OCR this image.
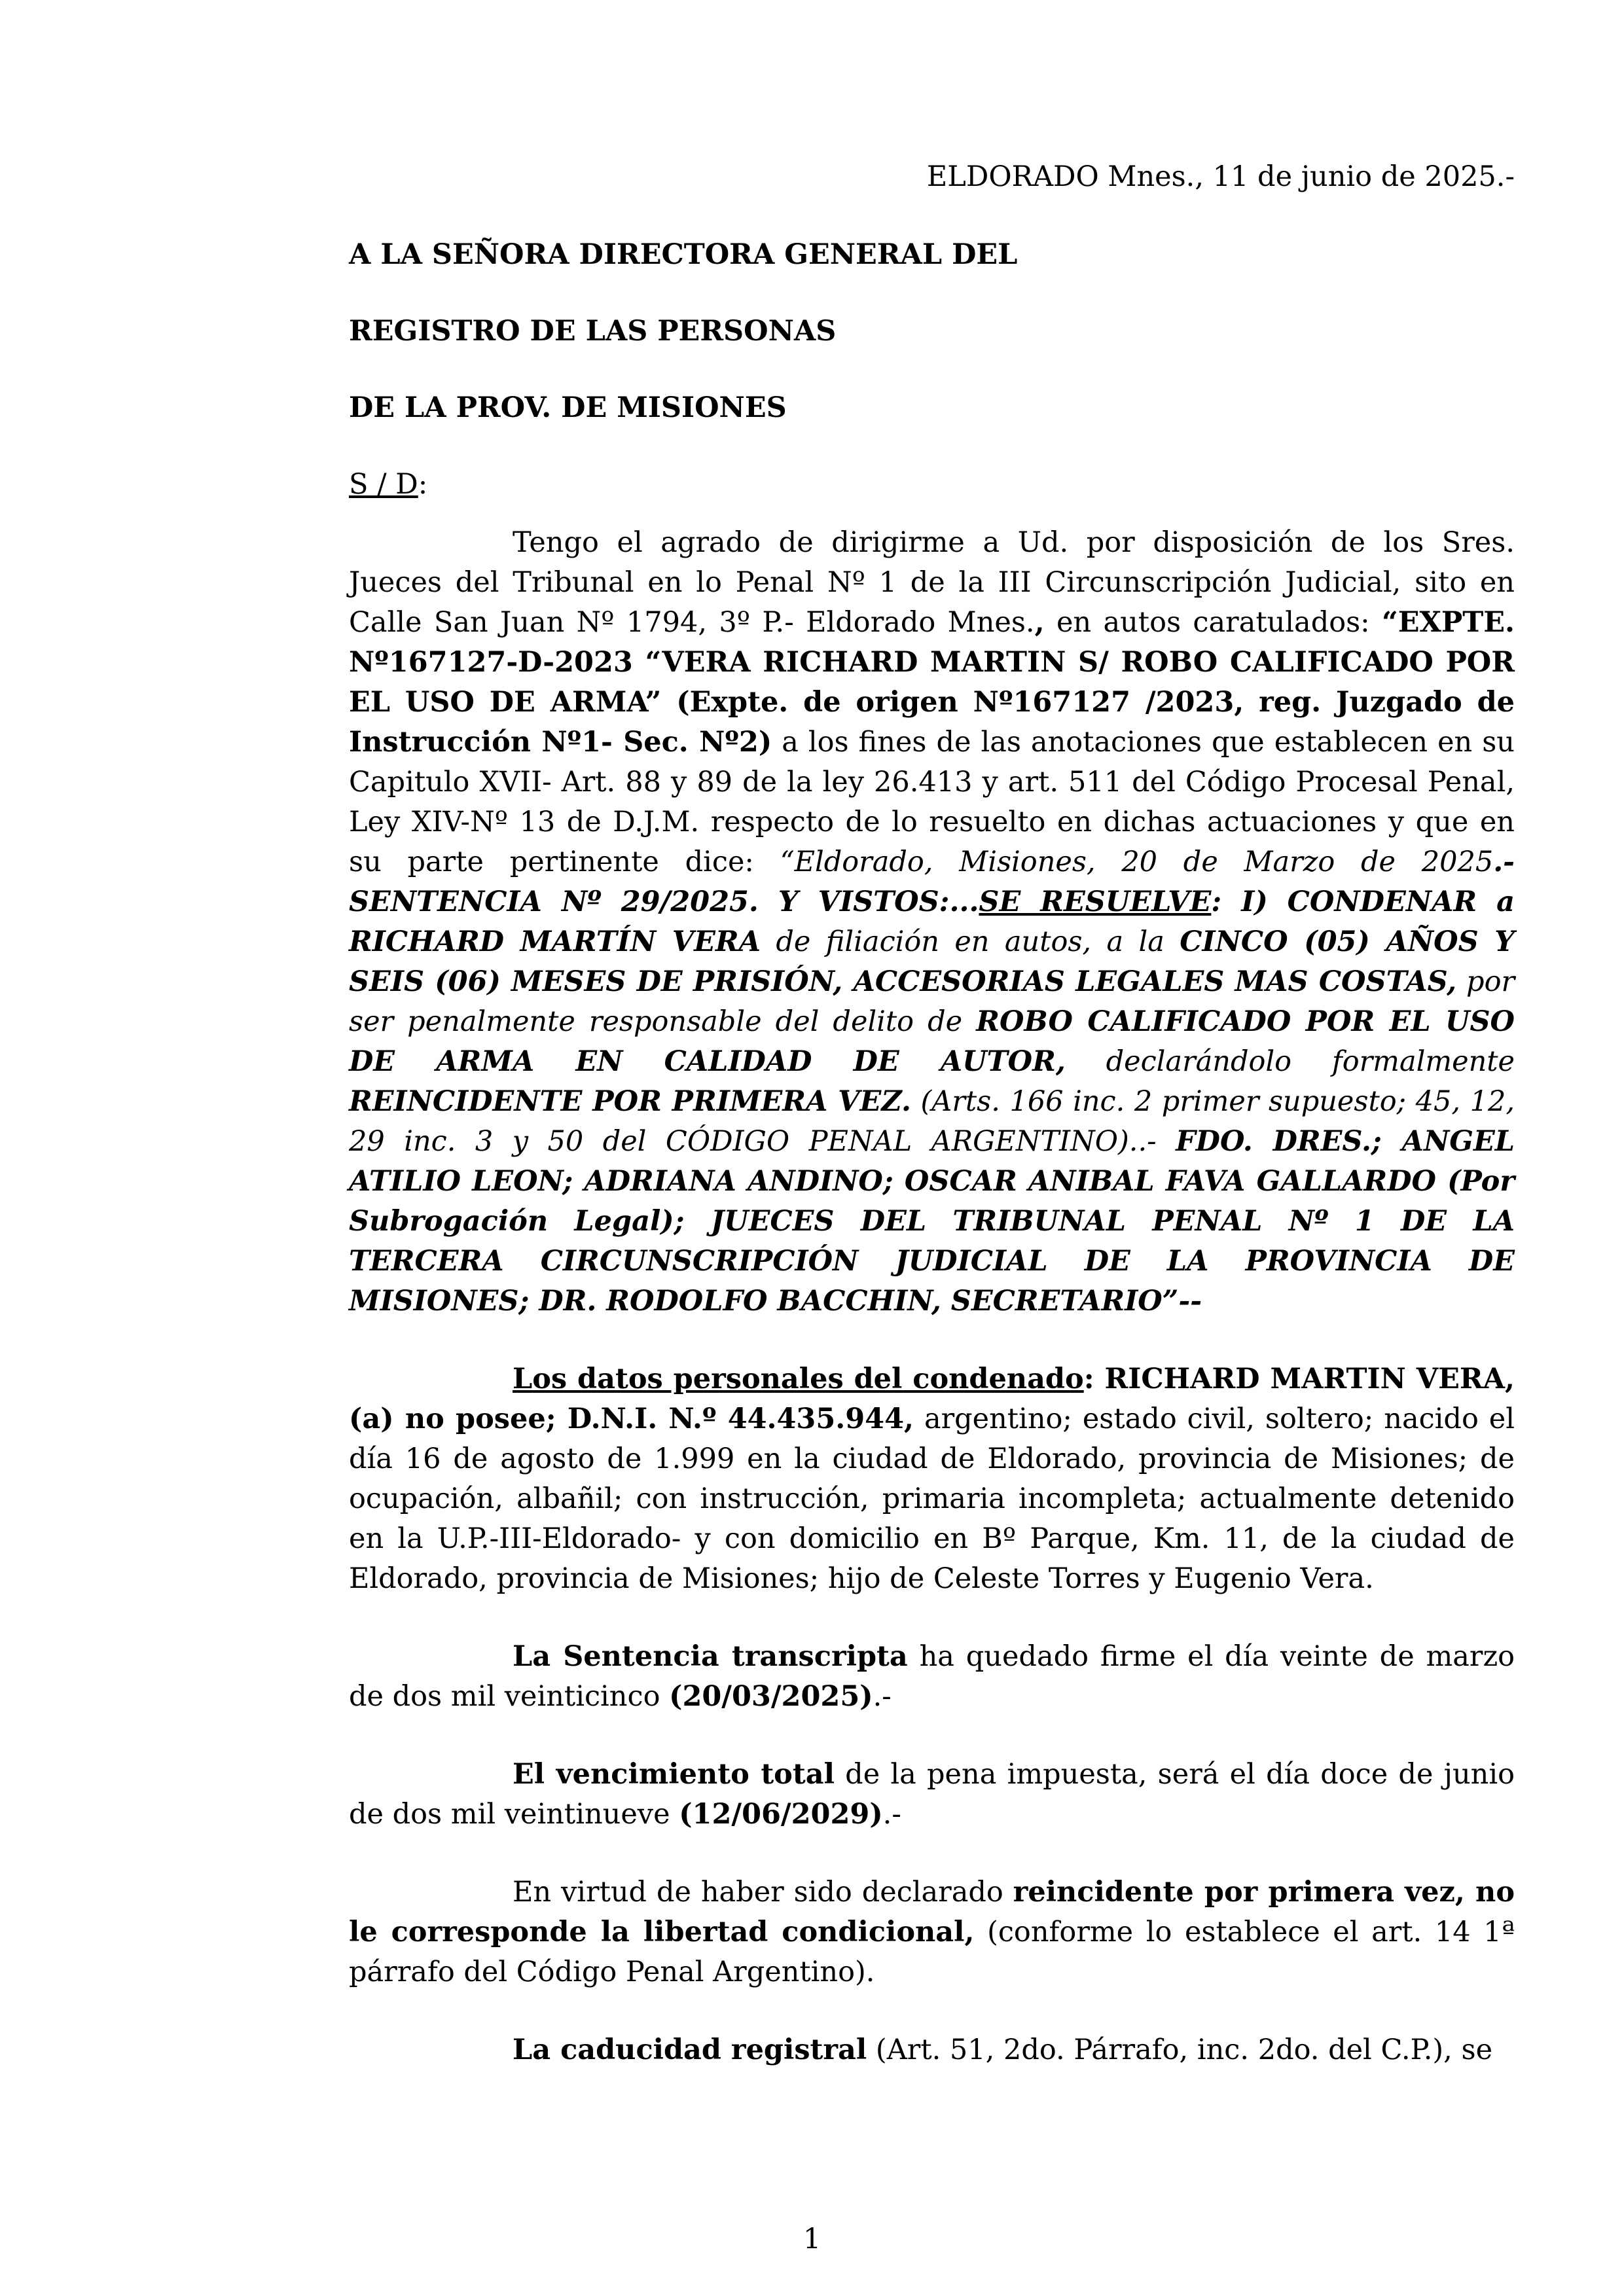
ELDORADO Mnes., 11 de junio de 2025.-
A LA SEÑORA DIRECTORA GENERAL DEL
REGISTRO DE LAS PERSONAS
DE LA PROV. DE MISIONES
S / D:

Tengo el agrado de dirigirme a Ud. por disposición de los Sres. Jueces del Tribunal en lo Penal Nº 1 de la III Circunscripción Judicial, sito en Calle San Juan Nº 1794, 3º P.- Eldorado Mnes., en autos caratulados: “EXPTE. Nº167127-D-2023 “VERA RICHARD MARTIN S/ ROBO CALIFICADO POR EL USO DE ARMA” (Expte. de origen Nº167127 /2023, reg. Juzgado de Instrucción Nº1- Sec. Nº2) a los fines de las anotaciones que establecen en su Capitulo XVII- Art. 88 y 89 de la ley 26.413 y art. 511 del Código Procesal Penal, Ley XIV-Nº 13 de D.J.M. respecto de lo resuelto en dichas actuaciones y que en su parte pertinente dice: “Eldorado, Misiones, 20 de Marzo de 2025.- SENTENCIA Nº 29/2025. Y VISTOS:...SE RESUELVE: I) CONDENAR a RICHARD MARTÍN VERA de filiación en autos, a la CINCO (05) AÑOS Y SEIS (06) MESES DE PRISIÓN, ACCESORIAS LEGALES MAS COSTAS, por ser penalmente responsable del delito de ROBO CALIFICADO POR EL USO DE ARMA EN CALIDAD DE AUTOR, declarándolo formalmente REINCIDENTE POR PRIMERA VEZ. (Arts. 166 inc. 2 primer supuesto; 45, 12, 29 inc. 3 y 50 del CÓDIGO PENAL ARGENTINO)..- FDO. DRES.; ANGEL ATILIO LEON; ADRIANA ANDINO; OSCAR ANIBAL FAVA GALLARDO (Por Subrogación Legal); JUECES DEL TRIBUNAL PENAL Nº 1 DE LA TERCERA CIRCUNSCRIPCIÓN JUDICIAL DE LA PROVINCIA DE MISIONES; DR. RODOLFO BACCHIN, SECRETARIO”--

Los datos personales del condenado: RICHARD MARTIN VERA, (a) no posee; D.N.I. N.º 44.435.944, argentino; estado civil, soltero; nacido el día 16 de agosto de 1.999 en la ciudad de Eldorado, provincia de Misiones; de ocupación, albañil; con instrucción, primaria incompleta; actualmente detenido en la U.P.-III-Eldorado- y con domicilio en Bº Parque, Km. 11, de la ciudad de Eldorado, provincia de Misiones; hijo de Celeste Torres y Eugenio Vera.

La Sentencia transcripta ha quedado firme el día veinte de marzo de dos mil veinticinco (20/03/2025).-

El vencimiento total de la pena impuesta, será el día doce de junio de dos mil veintinueve (12/06/2029).-

En virtud de haber sido declarado reincidente por primera vez, no le corresponde la libertad condicional, (conforme lo establece el art. 14 1ª párrafo del Código Penal Argentino).

La caducidad registral (Art. 51, 2do. Párrafo, inc. 2do. del C.P.), se

1
